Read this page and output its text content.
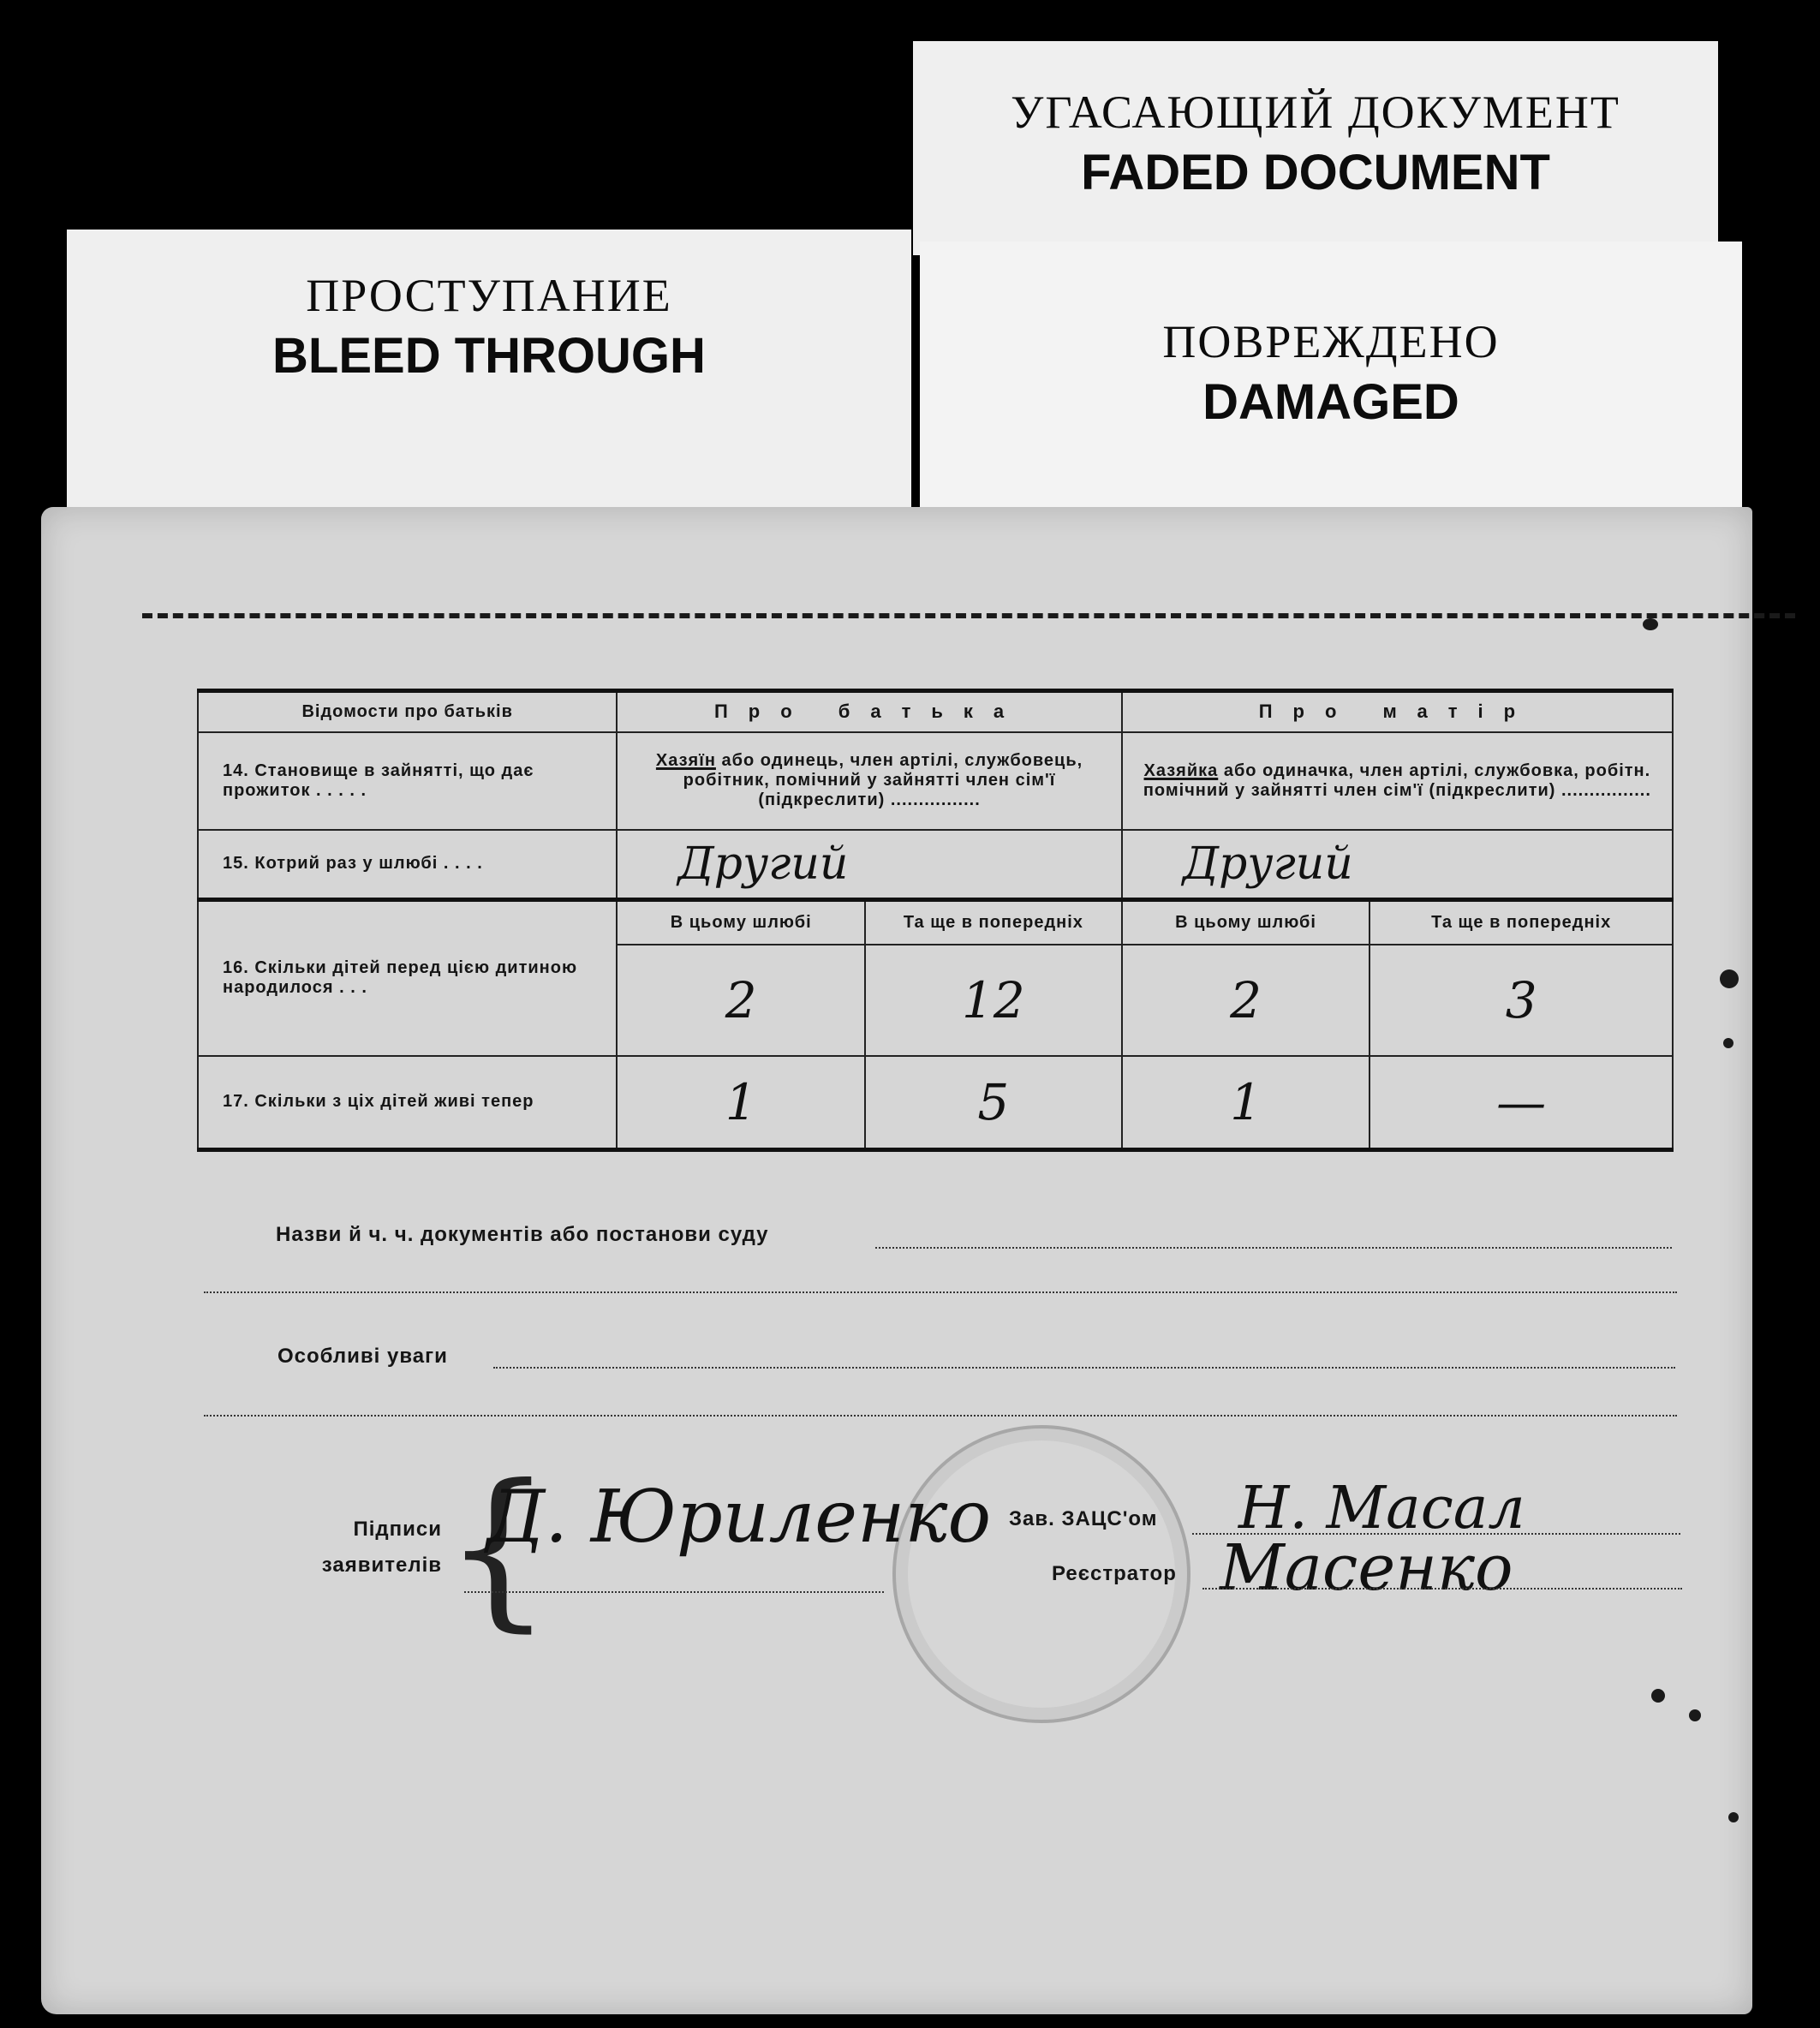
УГАСАЮЩИЙ ДОКУМЕНТ
FADED DOCUMENT
ПРОСТУПАНИЕ
BLEED THROUGH	ПОВРЕЖДЕНО
DAMAGED
Відомости про батьків	Про батька		Про матір	
14. Становище в зайнятті, що дає прожиток . . . . .	Хазяїн або одинець, член артілі, службовець, робітник, помічний у зайнятті член сім'ї (підкреслити) ................		Хазяйка або одиначка, член артілі, службовка, робітн. помічний у зайнятті член сім'ї (підкреслити) ................	
15. Котрий раз у шлюбі . . . .	Другий		Другий	
16. Скільки дітей перед цією дитиною народилося . . .	В цьому шлюбі	Та ще в попередніх	В цьому шлюбі	Та ще в попередніх
	2	12	2	3
17. Скільки з ціх дітей живі тепер	1	5	1	—
Назви й ч. ч. документів або постанови суду
Особливі уваги
Підписи
заявителів {
Д. Юриленко Зав. ЗАЦС'ом Н. Масал
Реєстратор Масенко
